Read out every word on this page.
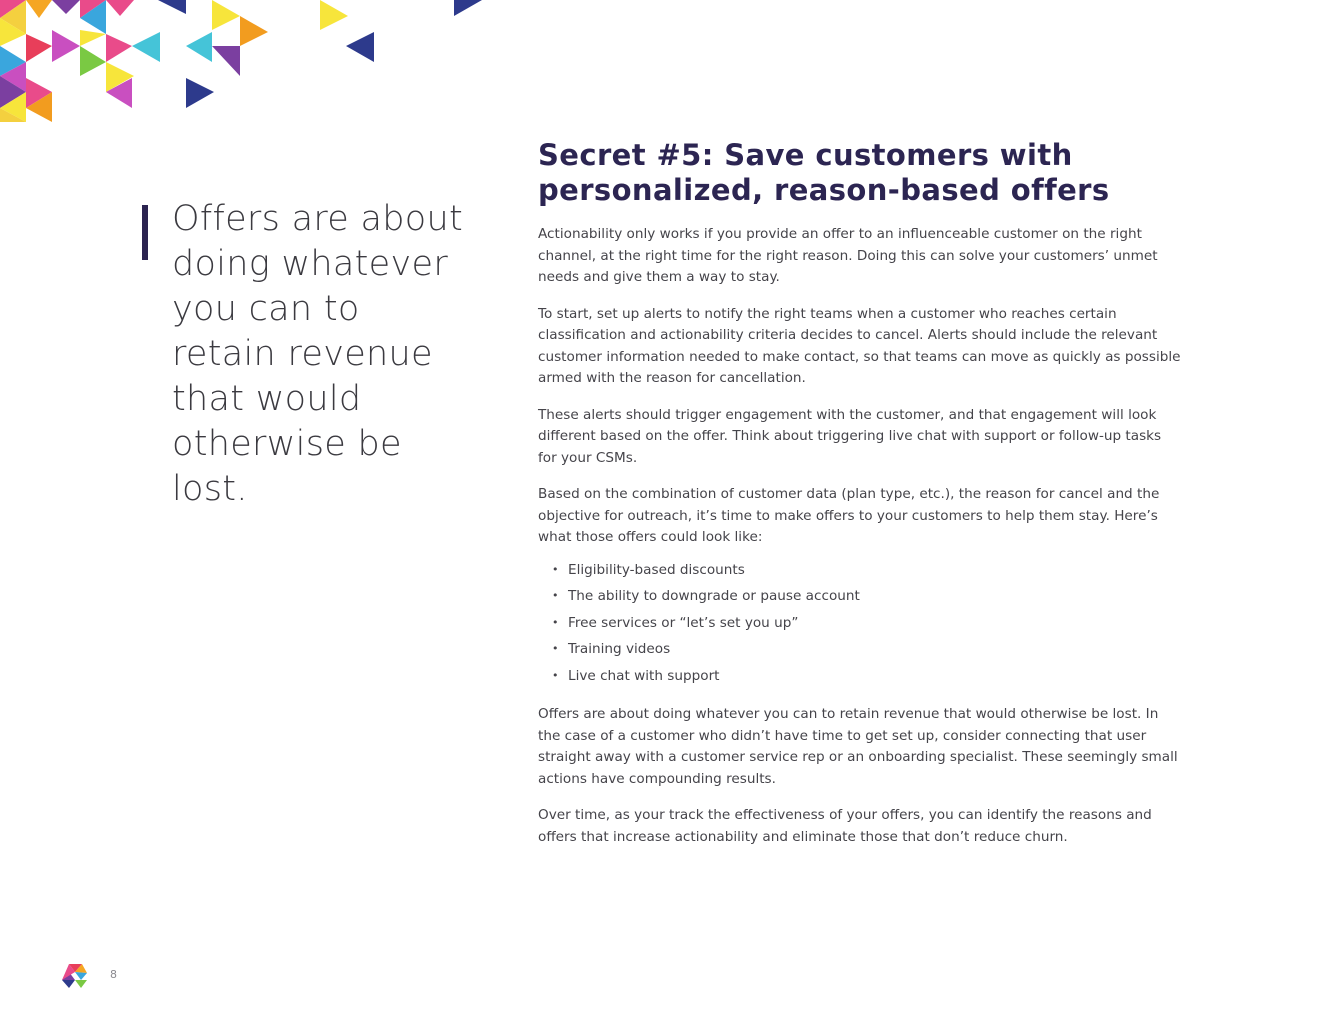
Offers are about doing whatever you can to retain revenue that would otherwise be lost.

Secret #5: Save customers with personalized, reason-based offers

Actionability only works if you provide an offer to an influenceable customer on the right channel, at the right time for the right reason. Doing this can solve your customers’ unmet needs and give them a way to stay.

To start, set up alerts to notify the right teams when a customer who reaches certain classification and actionability criteria decides to cancel. Alerts should include the relevant customer information needed to make contact, so that teams can move as quickly as possible armed with the reason for cancellation.

These alerts should trigger engagement with the customer, and that engagement will look different based on the offer. Think about triggering live chat with support or follow-up tasks for your CSMs.

Based on the combination of customer data (plan type, etc.), the reason for cancel and the objective for outreach, it’s time to make offers to your customers to help them stay. Here’s what those offers could look like:

• Eligibility-based discounts
• The ability to downgrade or pause account
• Free services or “let’s set you up”
• Training videos
• Live chat with support

Offers are about doing whatever you can to retain revenue that would otherwise be lost. In the case of a customer who didn’t have time to get set up, consider connecting that user straight away with a customer service rep or an onboarding specialist. These seemingly small actions have compounding results.

Over time, as your track the effectiveness of your offers, you can identify the reasons and offers that increase actionability and eliminate those that don’t reduce churn.

8
